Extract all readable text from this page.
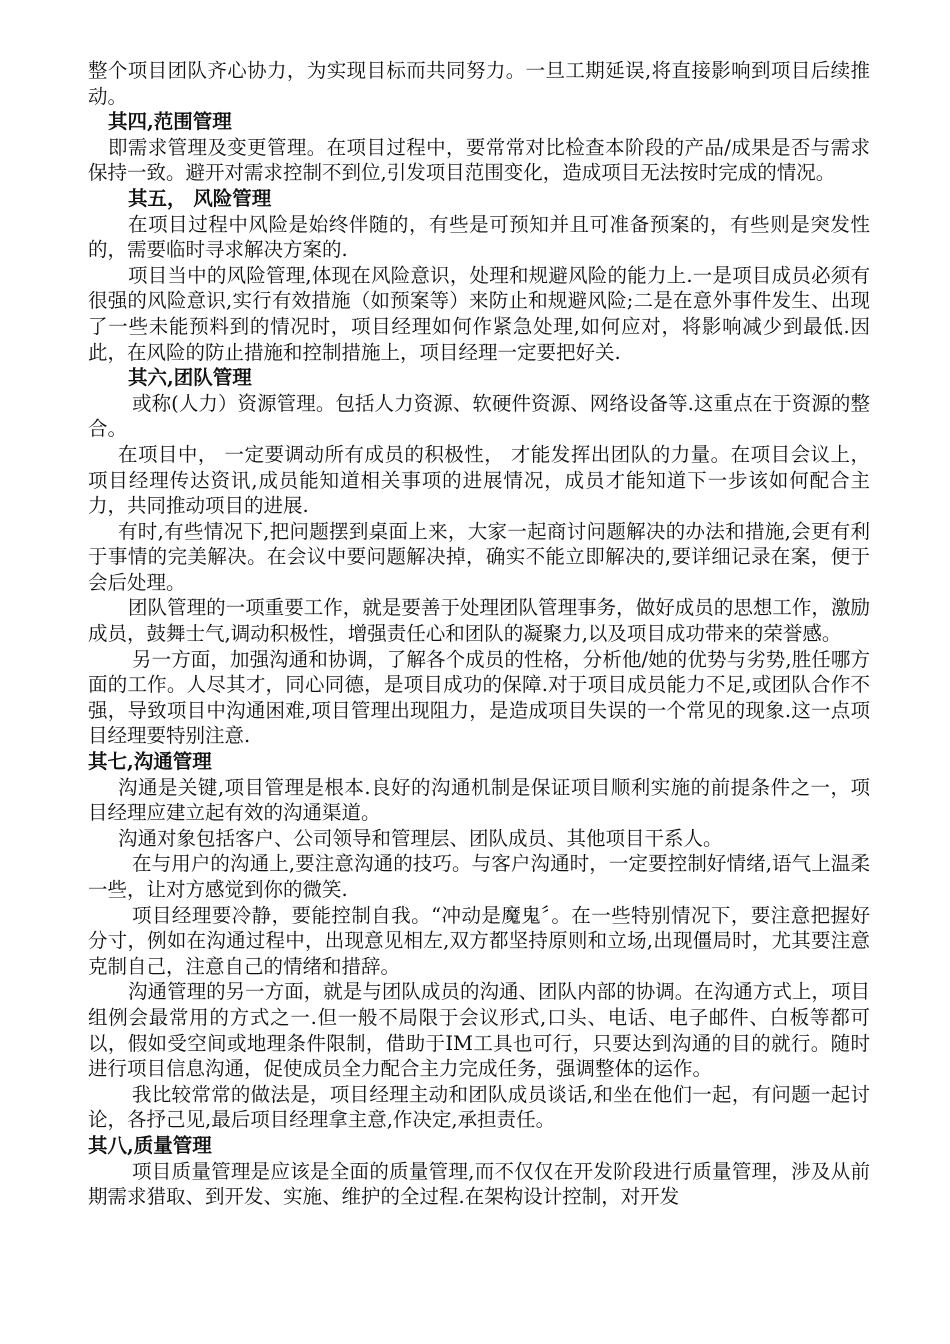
整个项目团队齐心协力，为实现目标而共同努力。一旦工期延误,将直接影响到项目后续推动。

其四,范围管理

即需求管理及变更管理。在项目过程中，要常常对比检查本阶段的产品/成果是否与需求保持一致。避开对需求控制不到位,引发项目范围变化，造成项目无法按时完成的情况。

其五， 风险管理

在项目过程中风险是始终伴随的，有些是可预知并且可准备预案的，有些则是突发性的，需要临时寻求解决方案的.

项目当中的风险管理,体现在风险意识，处理和规避风险的能力上.一是项目成员必须有很强的风险意识,实行有效措施（如预案等）来防止和规避风险;二是在意外事件发生、出现了一些未能预料到的情况时，项目经理如何作紧急处理,如何应对，将影响减少到最低.因此，在风险的防止措施和控制措施上，项目经理一定要把好关.

其六,团队管理

或称(人力）资源管理。包括人力资源、软硬件资源、网络设备等.这重点在于资源的整合。

在项目中， 一定要调动所有成员的积极性， 才能发挥出团队的力量。在项目会议上，项目经理传达资讯,成员能知道相关事项的进展情况，成员才能知道下一步该如何配合主力，共同推动项目的进展.

有时,有些情况下,把问题摆到桌面上来，大家一起商讨问题解决的办法和措施,会更有利于事情的完美解决。在会议中要问题解决掉，确实不能立即解决的,要详细记录在案，便于会后处理。

团队管理的一项重要工作，就是要善于处理团队管理事务，做好成员的思想工作，激励成员，鼓舞士气,调动积极性，增强责任心和团队的凝聚力,以及项目成功带来的荣誉感。

另一方面，加强沟通和协调，了解各个成员的性格，分析他/她的优势与劣势,胜任哪方面的工作。人尽其才，同心同德，是项目成功的保障.对于项目成员能力不足,或团队合作不强，导致项目中沟通困难,项目管理出现阻力，是造成项目失误的一个常见的现象.这一点项目经理要特别注意.

其七,沟通管理

沟通是关键,项目管理是根本.良好的沟通机制是保证项目顺利实施的前提条件之一，项目经理应建立起有效的沟通渠道。

沟通对象包括客户、公司领导和管理层、团队成员、其他项目干系人。

在与用户的沟通上,要注意沟通的技巧。与客户沟通时，一定要控制好情绪,语气上温柔一些，让对方感觉到你的微笑.

项目经理要冷静，要能控制自我。“冲动是魔鬼〞。在一些特别情况下，要注意把握好分寸，例如在沟通过程中，出现意见相左,双方都坚持原则和立场,出现僵局时，尤其要注意克制自己，注意自己的情绪和措辞。

沟通管理的另一方面，就是与团队成员的沟通、团队内部的协调。在沟通方式上，项目组例会最常用的方式之一.但一般不局限于会议形式,口头、电话、电子邮件、白板等都可以，假如受空间或地理条件限制，借助于IM工具也可行，只要达到沟通的目的就行。随时进行项目信息沟通，促使成员全力配合主力完成任务，强调整体的运作。

我比较常常的做法是，项目经理主动和团队成员谈话,和坐在他们一起，有问题一起讨论，各抒己见,最后项目经理拿主意,作决定,承担责任。

其八,质量管理

项目质量管理是应该是全面的质量管理,而不仅仅在开发阶段进行质量管理，涉及从前期需求猎取、到开发、实施、维护的全过程.在架构设计控制，对开发
